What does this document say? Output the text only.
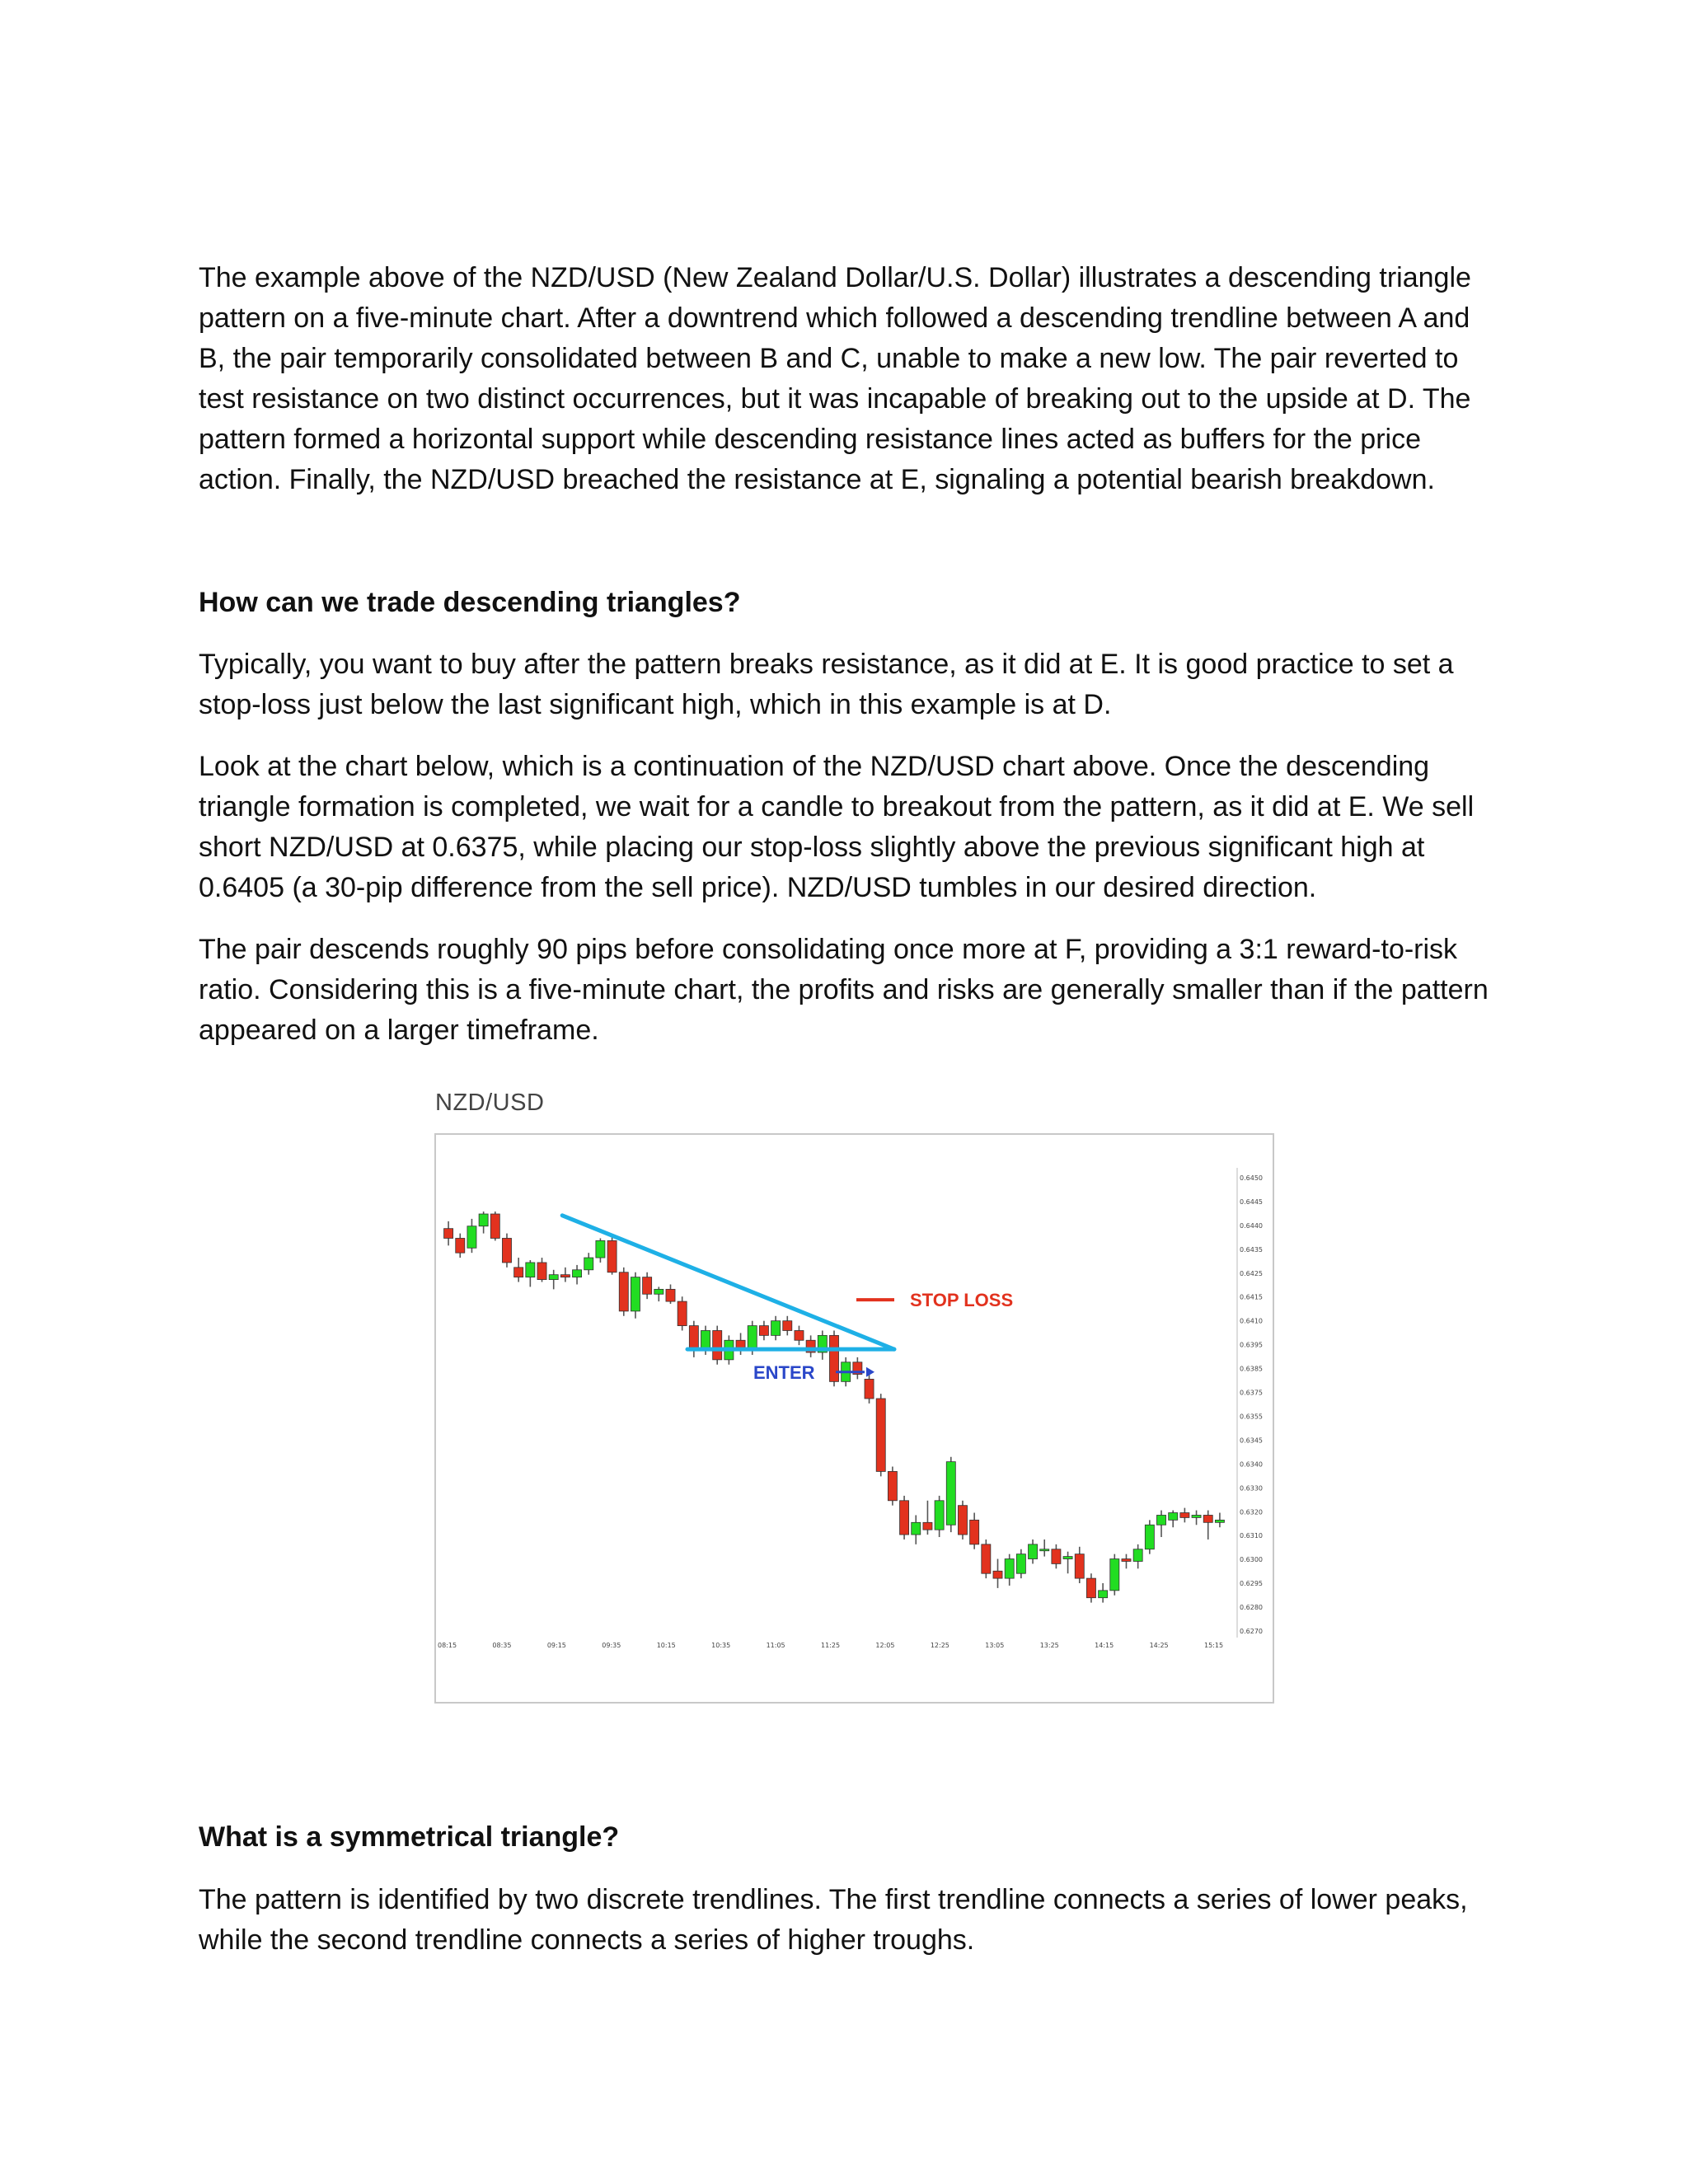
The example above of the NZD/USD (New Zealand Dollar/U.S. Dollar) illustrates a descending triangle pattern on a five-minute chart. After a downtrend which followed a descending trendline between A and B, the pair temporarily consolidated between B and C, unable to make a new low. The pair reverted to test resistance on two distinct occurrences, but it was incapable of breaking out to the upside at D. The pattern formed a horizontal support while descending resistance lines acted as buffers for the price action. Finally, the NZD/USD breached the resistance at E, signaling a potential bearish breakdown.

How can we trade descending triangles?

Typically, you want to buy after the pattern breaks resistance, as it did at E. It is good practice to set a stop-loss just below the last significant high, which in this example is at D.

Look at the chart below, which is a continuation of the NZD/USD chart above. Once the descending triangle formation is completed, we wait for a candle to breakout from the pattern, as it did at E. We sell short NZD/USD at 0.6375, while placing our stop-loss slightly above the previous significant high at 0.6405 (a 30-pip difference from the sell price). NZD/USD tumbles in our desired direction.

The pair descends roughly 90 pips before consolidating once more at F, providing a 3:1 reward-to-risk ratio. Considering this is a five-minute chart, the profits and risks are generally smaller than if the pattern appeared on a larger timeframe.

NZD/USD
STOP LOSS
ENTER
0.6450
0.6445
0.6440
0.6435
0.6425
0.6415
0.6410
0.6395
0.6385
0.6375
0.6355
0.6345
0.6340
0.6330
0.6320
0.6310
0.6300
0.6295
0.6280
0.6270
08:15	08:35	09:15	09:35	10:15	10:35	11:05	11:25	12:05	12:25	13:05	13:25	14:15	14:25	15:15
What is a symmetrical triangle?

The pattern is identified by two discrete trendlines. The first trendline connects a series of lower peaks, while the second trendline connects a series of higher troughs.
